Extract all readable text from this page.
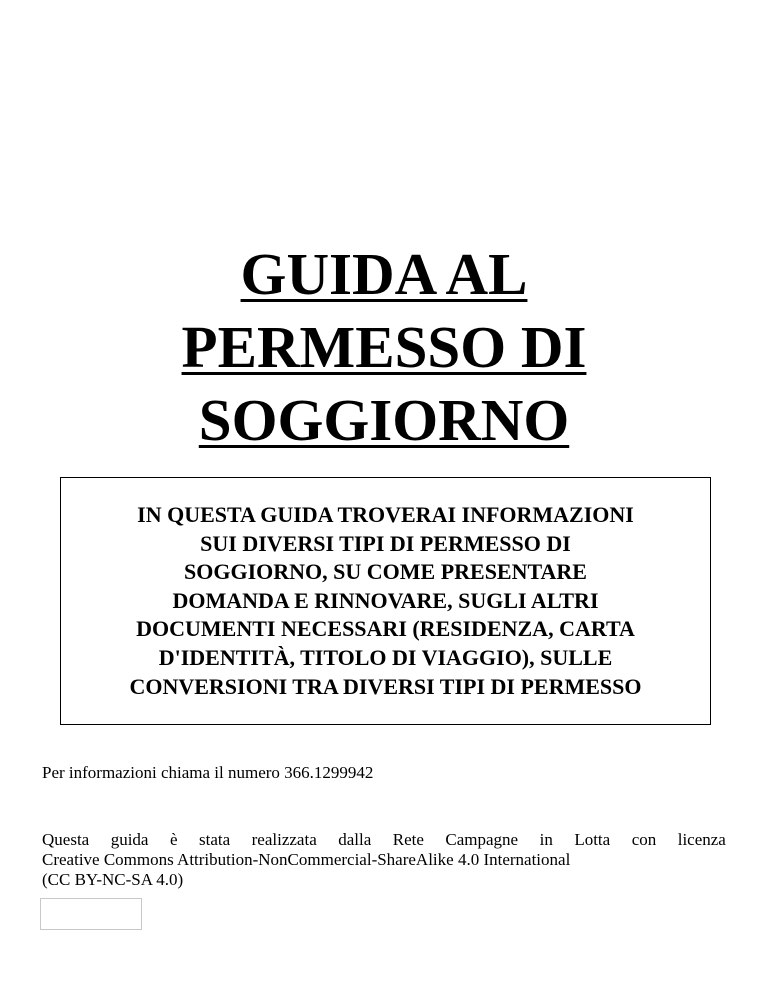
GUIDA AL
PERMESSO DI
SOGGIORNO
IN QUESTA GUIDA TROVERAI INFORMAZIONI
SUI DIVERSI TIPI DI PERMESSO DI
SOGGIORNO, SU COME PRESENTARE
DOMANDA E RINNOVARE, SUGLI ALTRI
DOCUMENTI NECESSARI (RESIDENZA, CARTA
D'IDENTITÀ, TITOLO DI VIAGGIO), SULLE
CONVERSIONI TRA DIVERSI TIPI DI PERMESSO
Per informazioni chiama il numero 366.1299942
Questa guida è stata realizzata dalla Rete Campagne in Lotta con licenza
Creative Commons Attribution-NonCommercial-ShareAlike 4.0 International
(CC BY-NC-SA 4.0)
